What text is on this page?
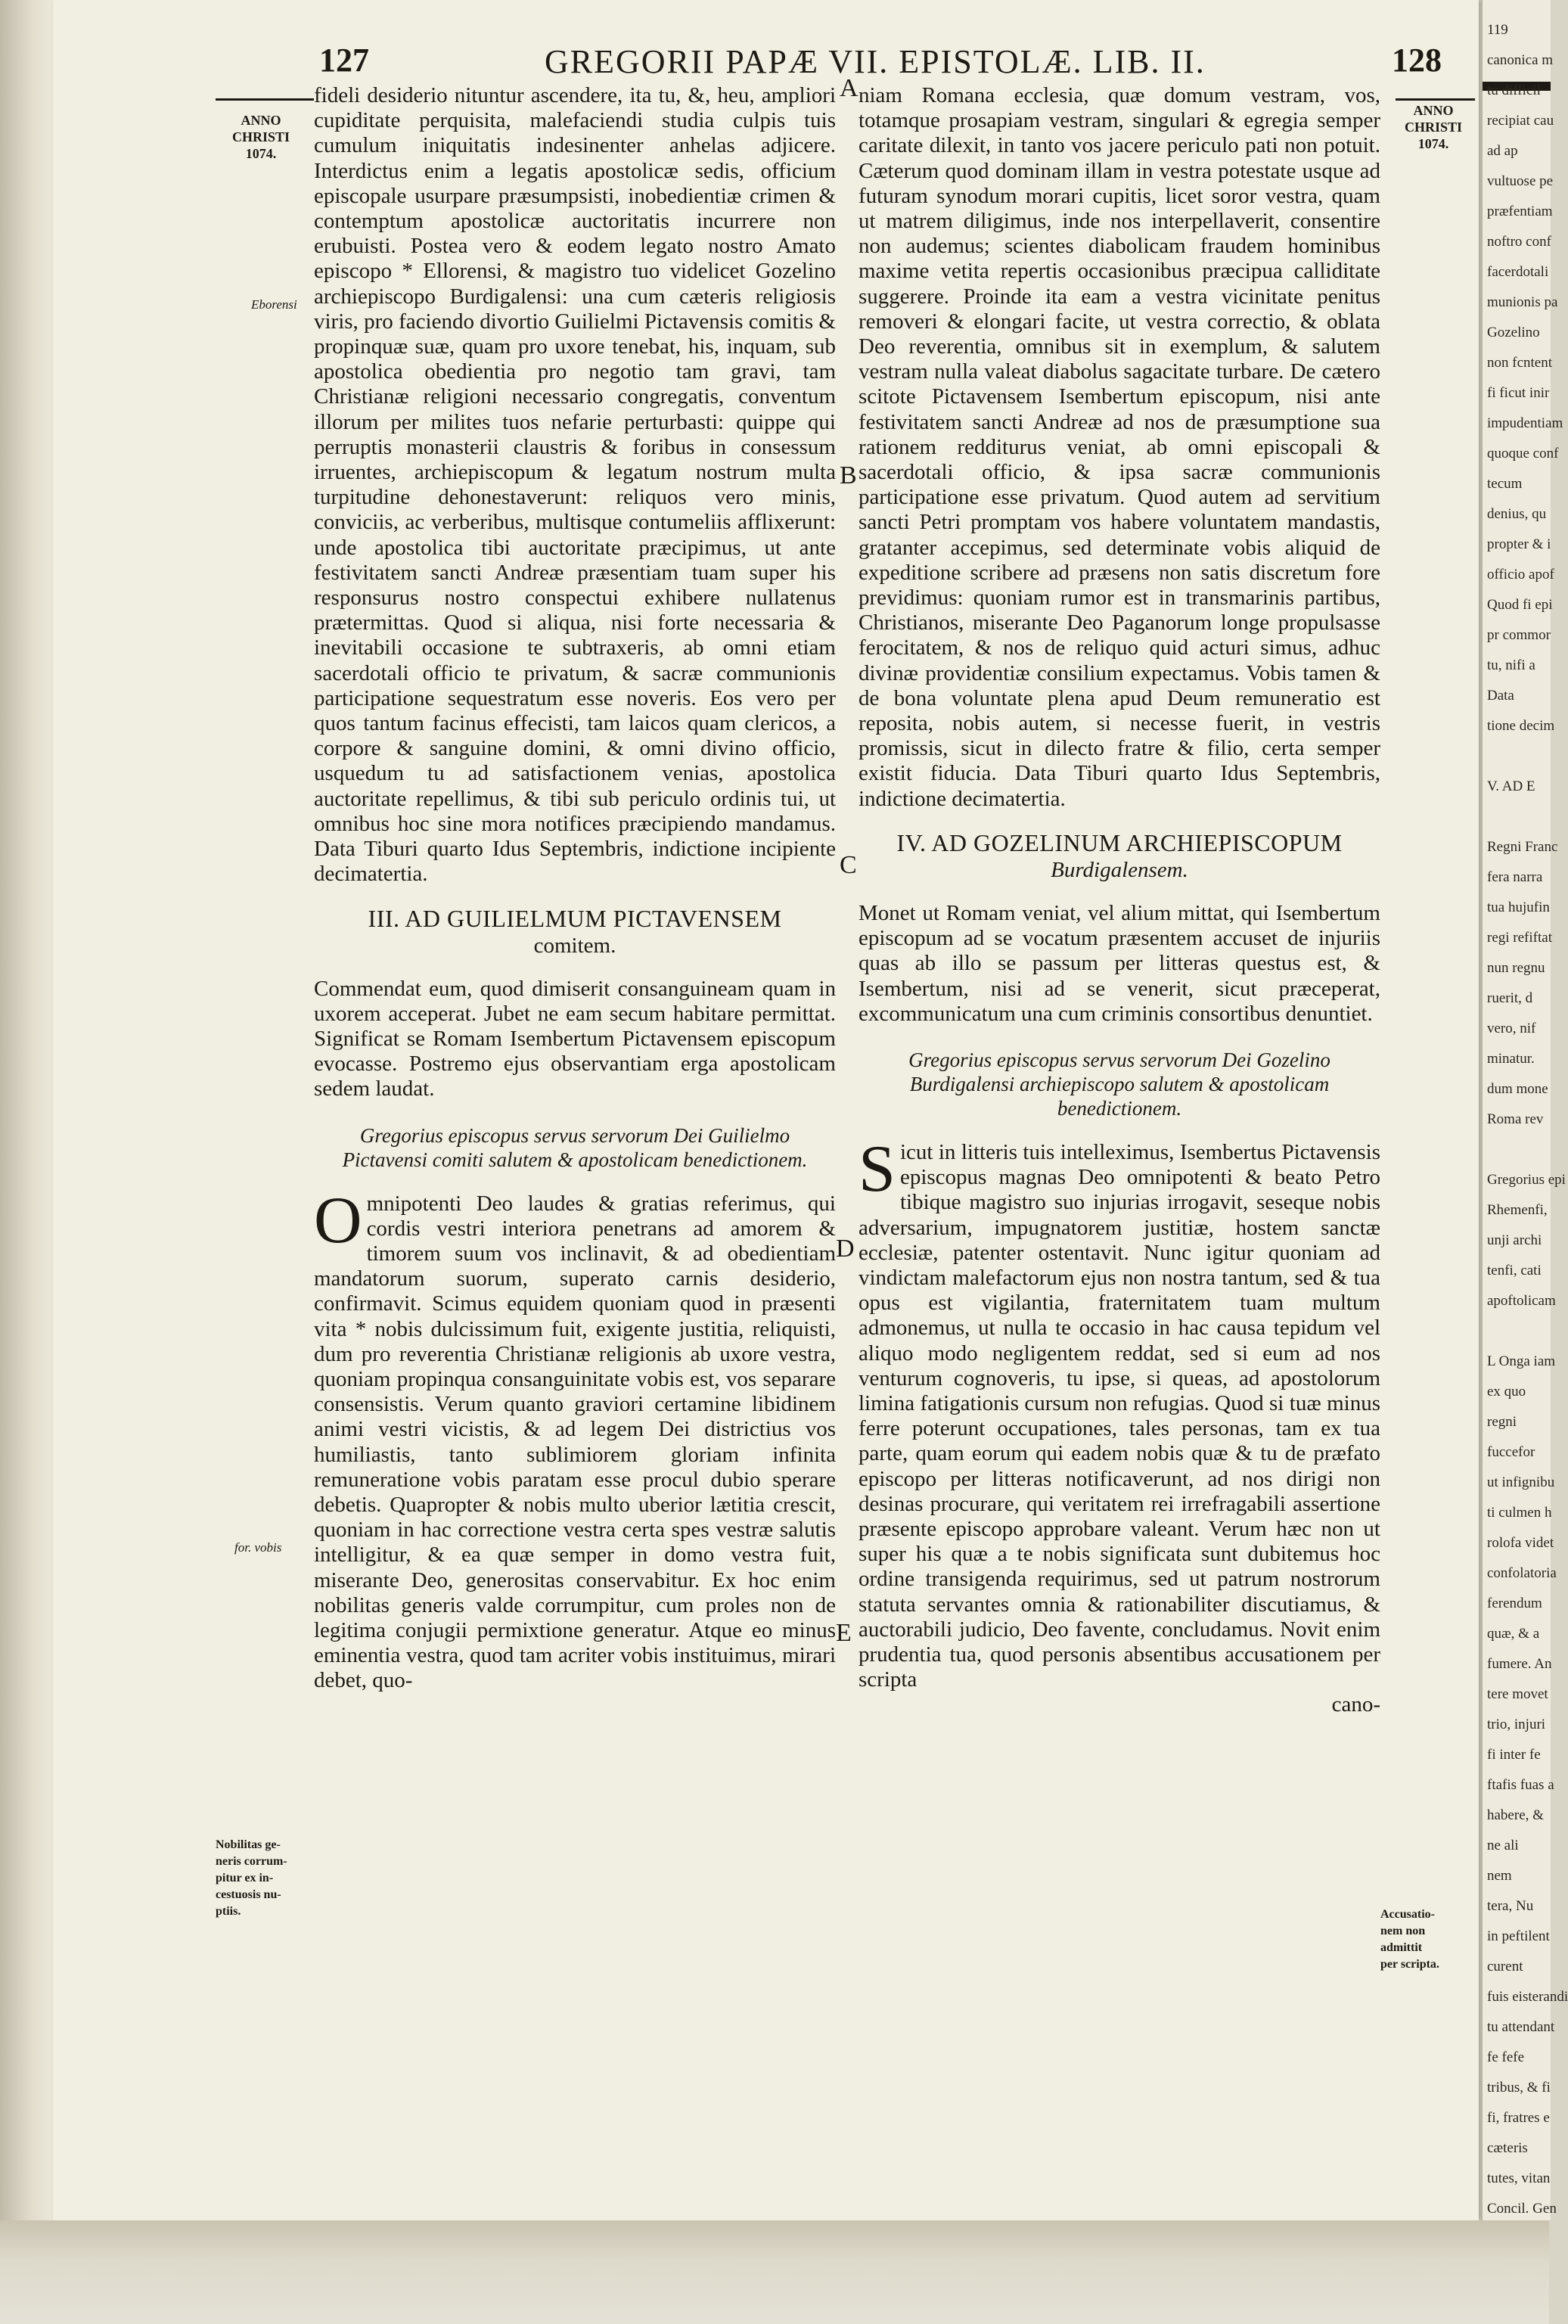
127	GREGORII PAPÆ VII. EPISTOLÆ. LIB. II.	128
ANNO
CHRISTI
1074.
ANNO
CHRISTI
1074.
Eborensi
for. vobis
Nobilitas ge-
neris corrum-
pitur ex in-
cestuosis nu-
ptiis.	Accusatio-
nem non
admittit
per scripta.
A
B
C
D
E

fideli desiderio nituntur ascendere, ita tu, &, heu, ampliori cupiditate perquisita, malefaciendi studia culpis tuis cumulum iniquitatis indesinenter anhelas adjicere. Interdictus enim a legatis apostolicæ sedis, officium episcopale usurpare præsumpsisti, inobedientiæ crimen & contemptum apostolicæ auctoritatis incurrere non erubuisti. Postea vero & eodem legato nostro Amato episcopo * Ellorensi, & magistro tuo videlicet Gozelino archiepiscopo Burdigalensi: una cum cæteris religiosis viris, pro faciendo divortio Guilielmi Pictavensis comitis & propinquæ suæ, quam pro uxore tenebat, his, inquam, sub apostolica obedientia pro negotio tam gravi, tam Christianæ religioni necessario congregatis, conventum illorum per milites tuos nefarie perturbasti: quippe qui perruptis monasterii claustris & foribus in consessum irruentes, archiepiscopum & legatum nostrum multa turpitudine dehonestaverunt: reliquos vero minis, conviciis, ac verberibus, multisque contumeliis afflixerunt: unde apostolica tibi auctoritate præcipimus, ut ante festivitatem sancti Andreæ præsentiam tuam super his responsurus nostro conspectui exhibere nullatenus prætermittas. Quod si aliqua, nisi forte necessaria & inevitabili occasione te subtraxeris, ab omni etiam sacerdotali officio te privatum, & sacræ communionis participatione sequestratum esse noveris. Eos vero per quos tantum facinus effecisti, tam laicos quam clericos, a corpore & sanguine domini, & omni divino officio, usquedum tu ad satisfactionem venias, apostolica auctoritate repellimus, & tibi sub periculo ordinis tui, ut omnibus hoc sine mora notifices præcipiendo mandamus. Data Tiburi quarto Idus Septembris, indictione incipiente decimatertia.

III. AD GUILIELMUM PICTAVENSEM

comitem.

Commendat eum, quod dimiserit consanguineam quam in uxorem acceperat. Jubet ne eam secum habitare permittat. Significat se Romam Isembertum Pictavensem episcopum evocasse. Postremo ejus observantiam erga apostolicam sedem laudat.

Gregorius episcopus servus servorum Dei Guilielmo Pictavensi comiti salutem & apostolicam benedictionem.

Omnipotenti Deo laudes & gratias referimus, qui cordis vestri interiora penetrans ad amorem & timorem suum vos inclinavit, & ad obedientiam mandatorum suorum, superato carnis desiderio, confirmavit. Scimus equidem quoniam quod in præsenti vita * nobis dulcissimum fuit, exigente justitia, reliquisti, dum pro reverentia Christianæ religionis ab uxore vestra, quoniam propinqua consanguinitate vobis est, vos separare consensistis. Verum quanto graviori certamine libidinem animi vestri vicistis, & ad legem Dei districtius vos humiliastis, tanto sublimiorem gloriam infinita remuneratione vobis paratam esse procul dubio sperare debetis. Quapropter & nobis multo uberior lætitia crescit, quoniam in hac correctione vestra certa spes vestræ salutis intelligitur, & ea quæ semper in domo vestra fuit, miserante Deo, generositas conservabitur. Ex hoc enim nobilitas generis valde corrumpitur, cum proles non de legitima conjugii permixtione generatur. Atque eo minus eminentia vestra, quod tam acriter vobis instituimus, mirari debet, quo-

niam Romana ecclesia, quæ domum vestram, vos, totamque prosapiam vestram, singulari & egregia semper caritate dilexit, in tanto vos jacere periculo pati non potuit. Cæterum quod dominam illam in vestra potestate usque ad futuram synodum morari cupitis, licet soror vestra, quam ut matrem diligimus, inde nos interpellaverit, consentire non audemus; scientes diabolicam fraudem hominibus maxime vetita repertis occasionibus præcipua calliditate suggerere. Proinde ita eam a vestra vicinitate penitus removeri & elongari facite, ut vestra correctio, & oblata Deo reverentia, omnibus sit in exemplum, & salutem vestram nulla valeat diabolus sagacitate turbare. De cætero scitote Pictavensem Isembertum episcopum, nisi ante festivitatem sancti Andreæ ad nos de præsumptione sua rationem redditurus veniat, ab omni episcopali & sacerdotali officio, & ipsa sacræ communionis participatione esse privatum. Quod autem ad servitium sancti Petri promptam vos habere voluntatem mandastis, gratanter accepimus, sed determinate vobis aliquid de expeditione scribere ad præsens non satis discretum fore previdimus: quoniam rumor est in transmarinis partibus, Christianos, miserante Deo Paganorum longe propulsasse ferocitatem, & nos de reliquo quid acturi simus, adhuc divinæ providentiæ consilium expectamus. Vobis tamen & de bona voluntate plena apud Deum remuneratio est reposita, nobis autem, si necesse fuerit, in vestris promissis, sicut in dilecto fratre & filio, certa semper existit fiducia. Data Tiburi quarto Idus Septembris, indictione decimatertia.

IV. AD GOZELINUM ARCHIEPISCOPUM

Burdigalensem.

Monet ut Romam veniat, vel alium mittat, qui Isembertum episcopum ad se vocatum præsentem accuset de injuriis quas ab illo se passum per litteras questus est, & Isembertum, nisi ad se venerit, sicut præceperat, excommunicatum una cum criminis consortibus denuntiet.

Gregorius episcopus servus servorum Dei Gozelino Burdigalensi archiepiscopo salutem & apostolicam benedictionem.

Sicut in litteris tuis intelleximus, Isembertus Pictavensis episcopus magnas Deo omnipotenti & beato Petro tibique magistro suo injurias irrogavit, seseque nobis adversarium, impugnatorem justitiæ, hostem sanctæ ecclesiæ, patenter ostentavit. Nunc igitur quoniam ad vindictam malefactorum ejus non nostra tantum, sed & tua opus est vigilantia, fraternitatem tuam multum admonemus, ut nulla te occasio in hac causa tepidum vel aliquo modo negligentem reddat, sed si eum ad nos venturum cognoveris, tu ipse, si queas, ad apostolorum limina fatigationis cursum non refugias. Quod si tuæ minus ferre poterunt occupationes, tales personas, tam ex tua parte, quam eorum qui eadem nobis quæ & tu de præfato episcopo per litteras notificaverunt, ad nos dirigi non desinas procurare, qui veritatem rei irrefragabili assertione præsente episcopo approbare valeant. Verum hæc non ut super his quæ a te nobis significata sunt dubitemus hoc ordine transigenda requirimus, sed ut patrum nostrorum statuta servantes omnia & rationabiliter discutiamus, & auctorabili judicio, Deo faventе, concludamus. Novit enim prudentia tua, quod personis absentibus accusationem per scripta

cano-

119
canonica m
tu difficil
recipiat cau
ad ap
vultuose pe
præfentiam
noftro conf
facerdotali
munionis pa
Gozelino
non fcntent
fi ficut inir
impudentiam
quoque conf
tecum
denius, qu
propter & i
officio apof
Quod fi epi
pr commor
tu, nifi a
Data
tione decim

V. AD E

Regni Franc
fera narra
tua hujufin
regi refiftat
nun regnu
ruerit, d
vero, nif
minatur.
dum mone
Roma rev

Gregorius epi
Rhemenfi,
unji archi
tenfi, cati
apoftolicam

L Onga iam
ex quo
regni
fuccefor
ut infignibu
ti culmen h
rolofa videt
confolatoria
ferendum
quæ, & a
fumere. An
tere movet
trio, injuri
fi inter fe
ftafis fuas a
habere, &
ne ali
nem
tera, Nu
in peftilent
curent
fuis eisterandi
tu attendant
fe fefe
tribus, & fi
fi, fratres e
cæteris
tutes, vitan
Concil. Gen
